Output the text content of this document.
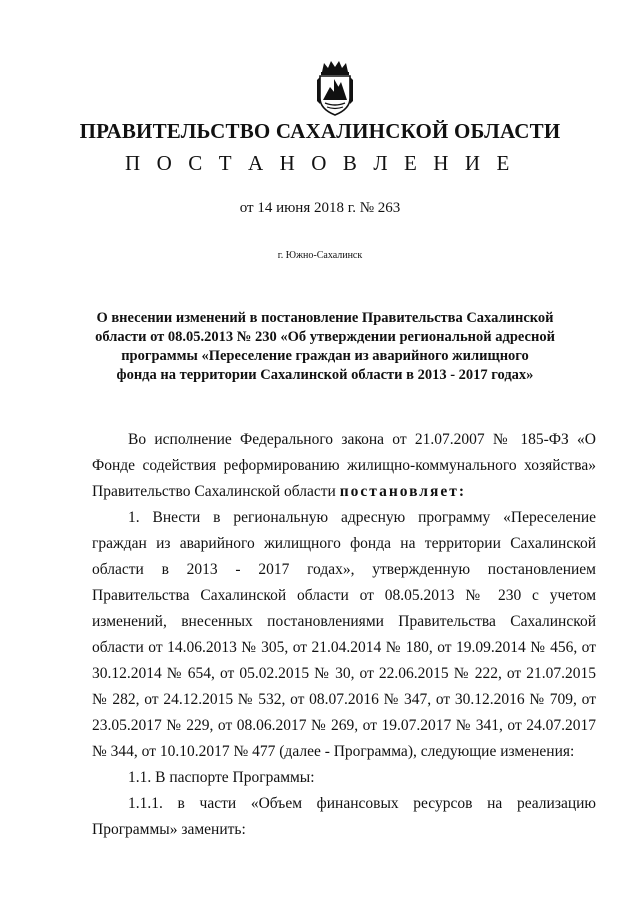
ПРАВИТЕЛЬСТВО САХАЛИНСКОЙ ОБЛАСТИ
П О С Т А Н О В Л Е Н И Е
от 14 июня 2018 г. № 263
г. Южно-Сахалинск
О внесении изменений в постановление Правительства Сахалинской
области от 08.05.2013 № 230 «Об утверждении региональной адресной
программы «Переселение граждан из аварийного жилищного
фонда на территории Сахалинской области в 2013 - 2017 годах»

Во исполнение Федерального закона от 21.07.2007 № 185-ФЗ «О Фонде содействия реформированию жилищно-коммунального хозяйства» Правительство Сахалинской области постановляет:

1. Внести в региональную адресную программу «Переселение граждан из аварийного жилищного фонда на территории Сахалинской области в 2013 - 2017 годах», утвержденную постановлением Правительства Сахалинской области от 08.05.2013 № 230 с учетом изменений, внесенных постановлениями Правительства Сахалинской области от 14.06.2013 № 305, от 21.04.2014 № 180, от 19.09.2014 № 456, от 30.12.2014 № 654, от 05.02.2015 № 30, от 22.06.2015 № 222, от 21.07.2015 № 282, от 24.12.2015 № 532, от 08.07.2016 № 347, от 30.12.2016 № 709, от 23.05.2017 № 229, от 08.06.2017 № 269, от 19.07.2017 № 341, от 24.07.2017 № 344, от 10.10.2017 № 477 (далее - Программа), следующие изменения:

1.1. В паспорте Программы:

1.1.1. в части «Объем финансовых ресурсов на реализацию Программы» заменить:
